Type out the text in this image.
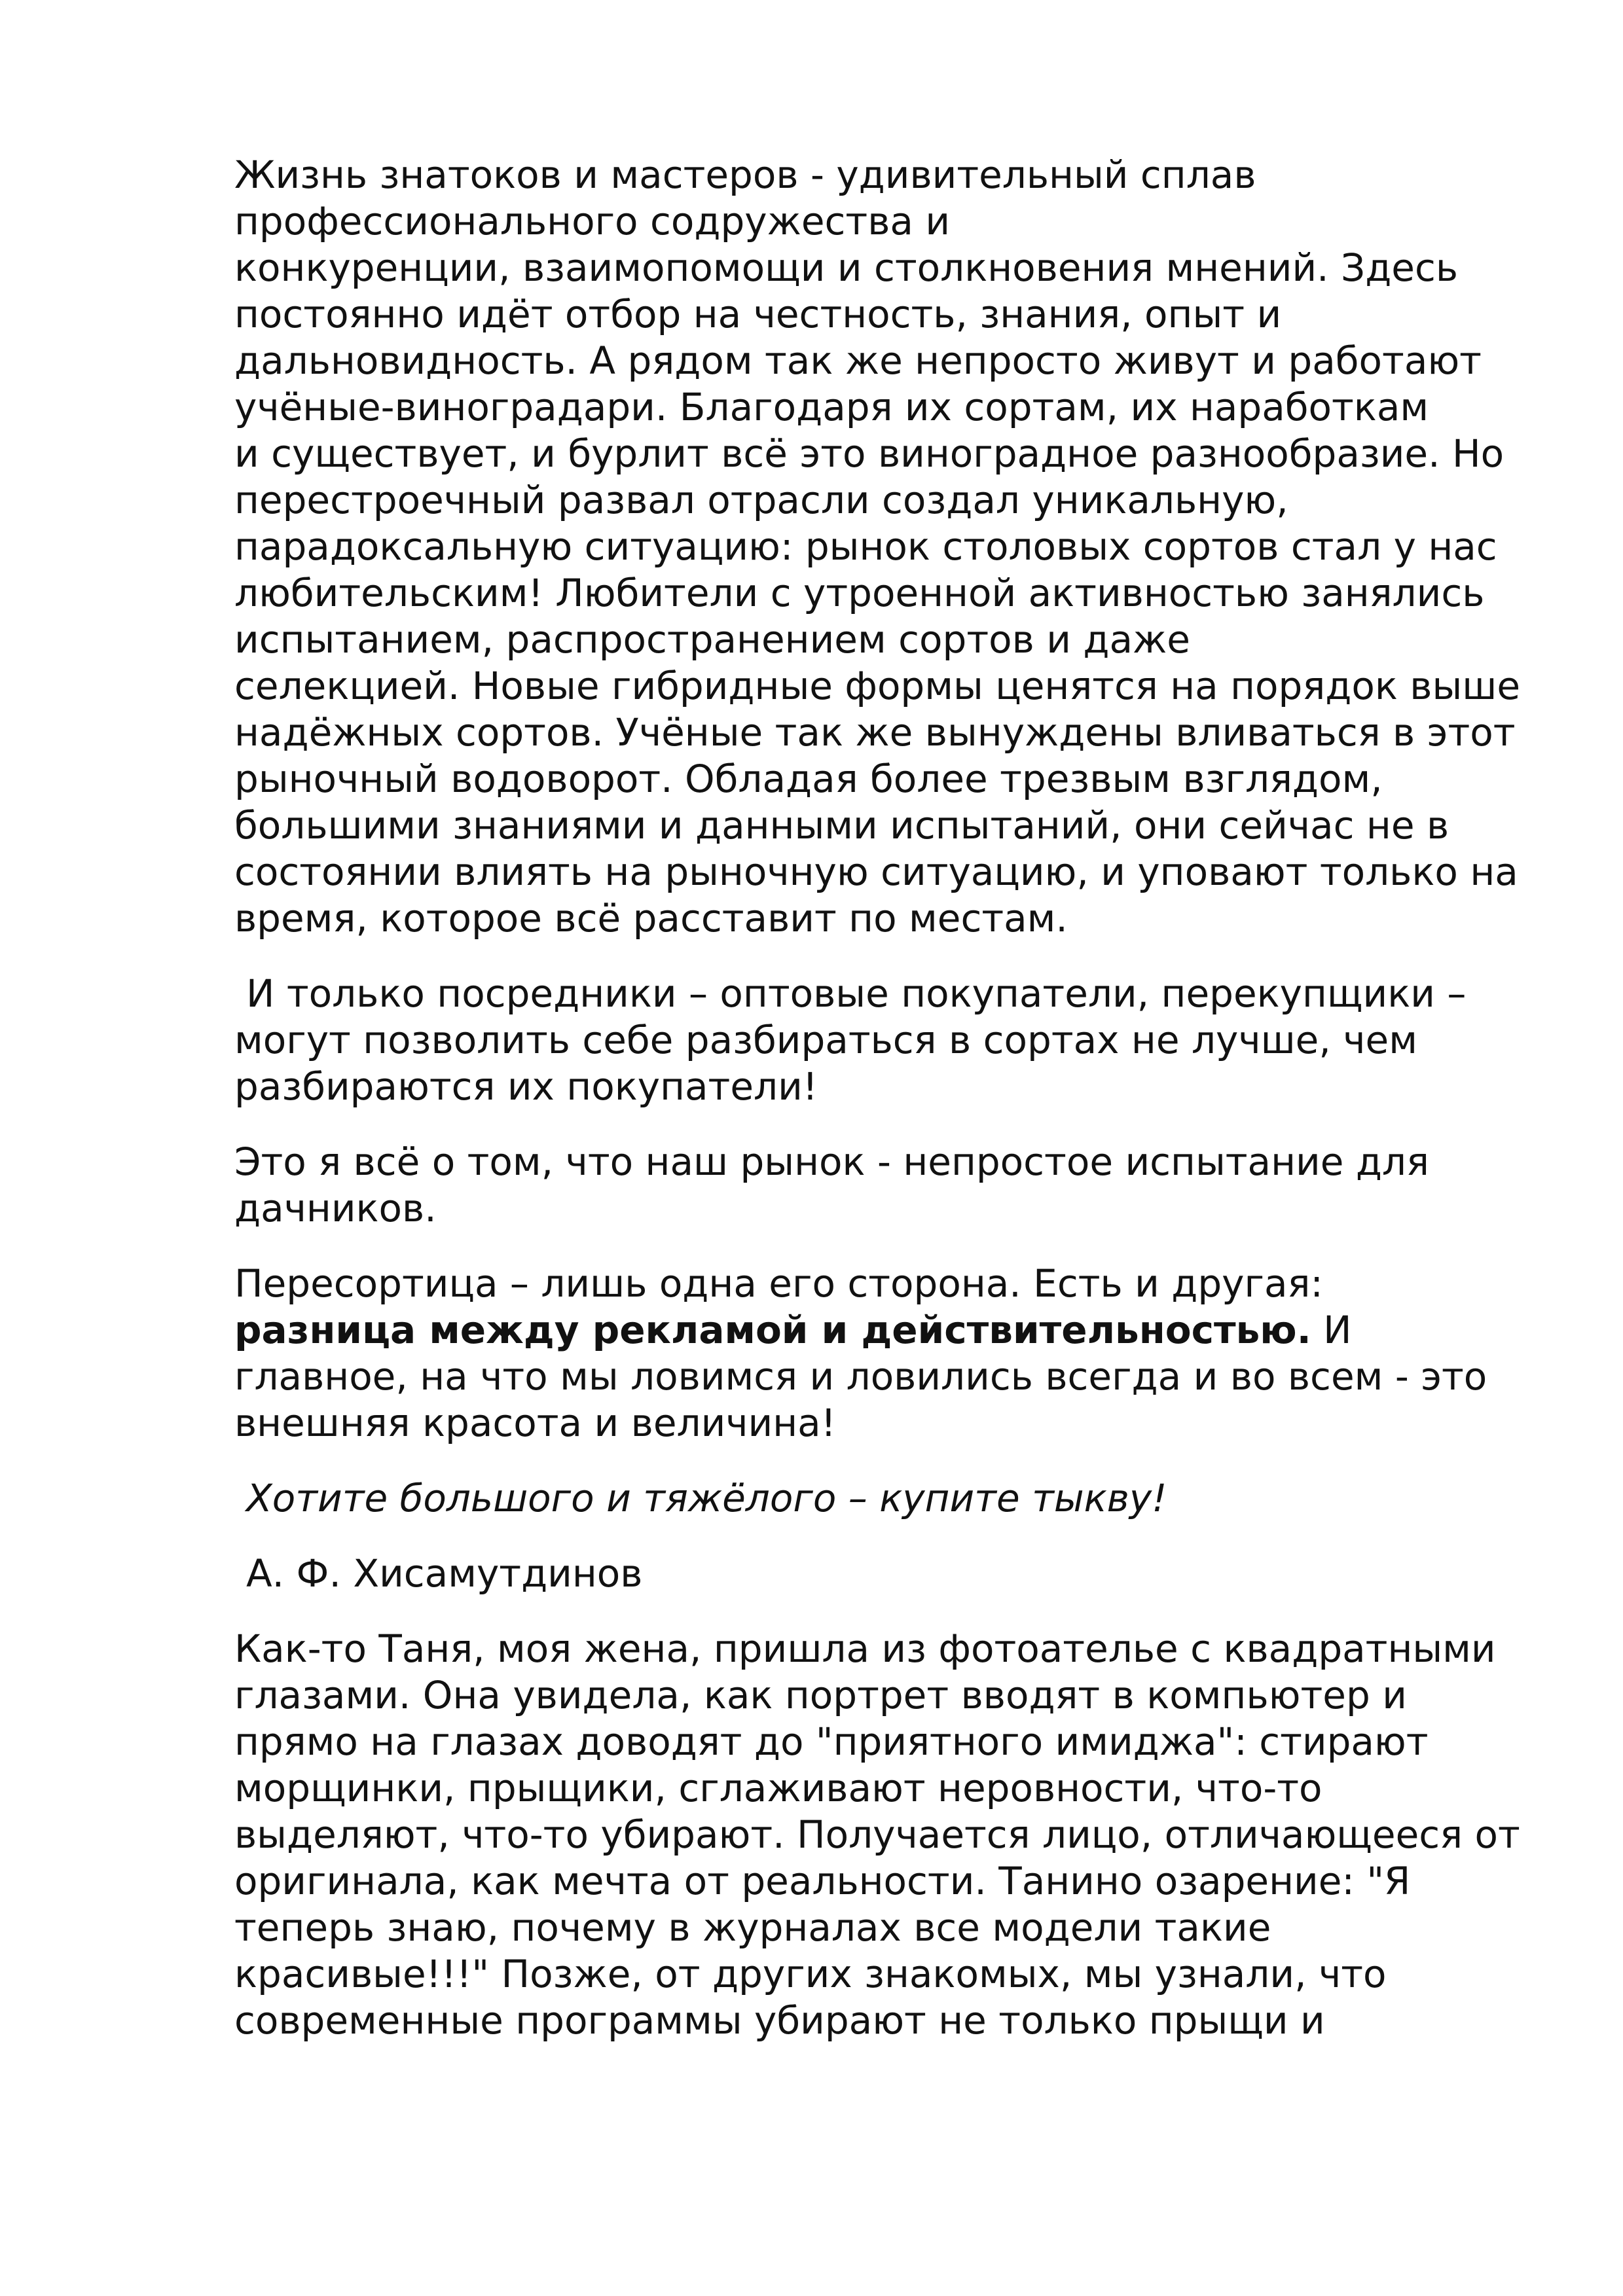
Жизнь знатоков и мастеров - удивительный сплав
профессионального содружества и
конкуренции, взаимопомощи и столкновения мнений. Здесь
постоянно идёт отбор на честность, знания, опыт и
дальновидность. А рядом так же непросто живут и работают
учёные-виноградари. Благодаря их сортам, их наработкам
и существует, и бурлит всё это виноградное разнообразие. Но
перестроечный развал отрасли создал уникальную,
парадоксальную ситуацию: рынок столовых сортов стал у нас
любительским! Любители с утроенной активностью занялись
испытанием, распространением сортов и даже
селекцией. Новые гибридные формы ценятся на порядок выше
надёжных сортов. Учёные так же вынуждены вливаться в этот
рыночный водоворот. Обладая более трезвым взглядом,
большими знаниями и данными испытаний, они сейчас не в
состоянии влиять на рыночную ситуацию, и уповают только на
время, которое всё расставит по местам.

И только посредники – оптовые покупатели, перекупщики –
могут позволить себе разбираться в сортах не лучше, чем
разбираются их покупатели!

Это я всё о том, что наш рынок - непростое испытание для
дачников.

Пересортица – лишь одна его сторона. Есть и другая:
разница между рекламой и действительностью. И
главное, на что мы ловимся и ловились всегда и во всем - это
внешняя красота и величина!

Хотите большого и тяжёлого – купите тыкву!

А. Ф. Хисамутдинов

Как-то Таня, моя жена, пришла из фотоателье с квадратными
глазами. Она увидела, как портрет вводят в компьютер и
прямо на глазах доводят до "приятного имиджа": стирают
морщинки, прыщики, сглаживают неровности, что-то
выделяют, что-то убирают. Получается лицо, отличающееся от
оригинала, как мечта от реальности. Танино озарение: "Я
теперь знаю, почему в журналах все модели такие
красивые!!!" Позже, от других знакомых, мы узнали, что
современные программы убирают не только прыщи и
